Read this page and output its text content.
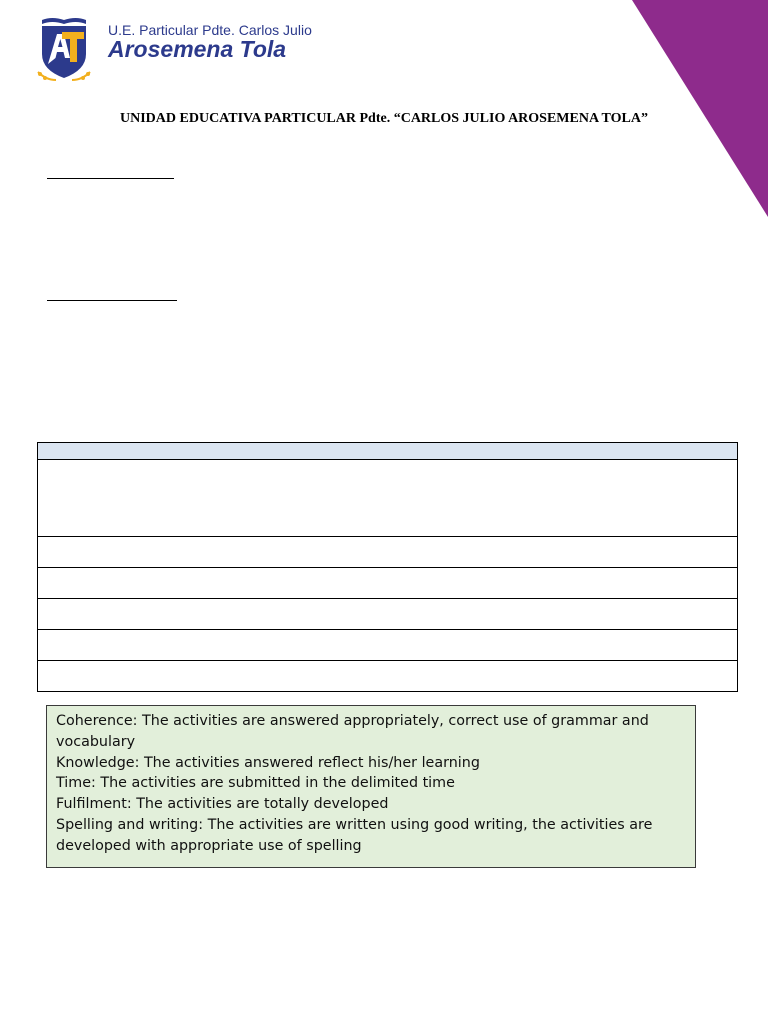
U.E. Particular Pdte. Carlos Julio
Arosemena Tola
UNIDAD EDUCATIVA PARTICULAR Pdte. “CARLOS JULIO AROSEMENA TOLA”

Coherence: The activities are answered appropriately, correct use of grammar and vocabulary

Knowledge: The activities answered reflect his/her learning

Time: The activities are submitted in the delimited time

Fulfilment: The activities are totally developed

Spelling and writing: The activities are written using good writing, the activities are developed with appropriate use of spelling
